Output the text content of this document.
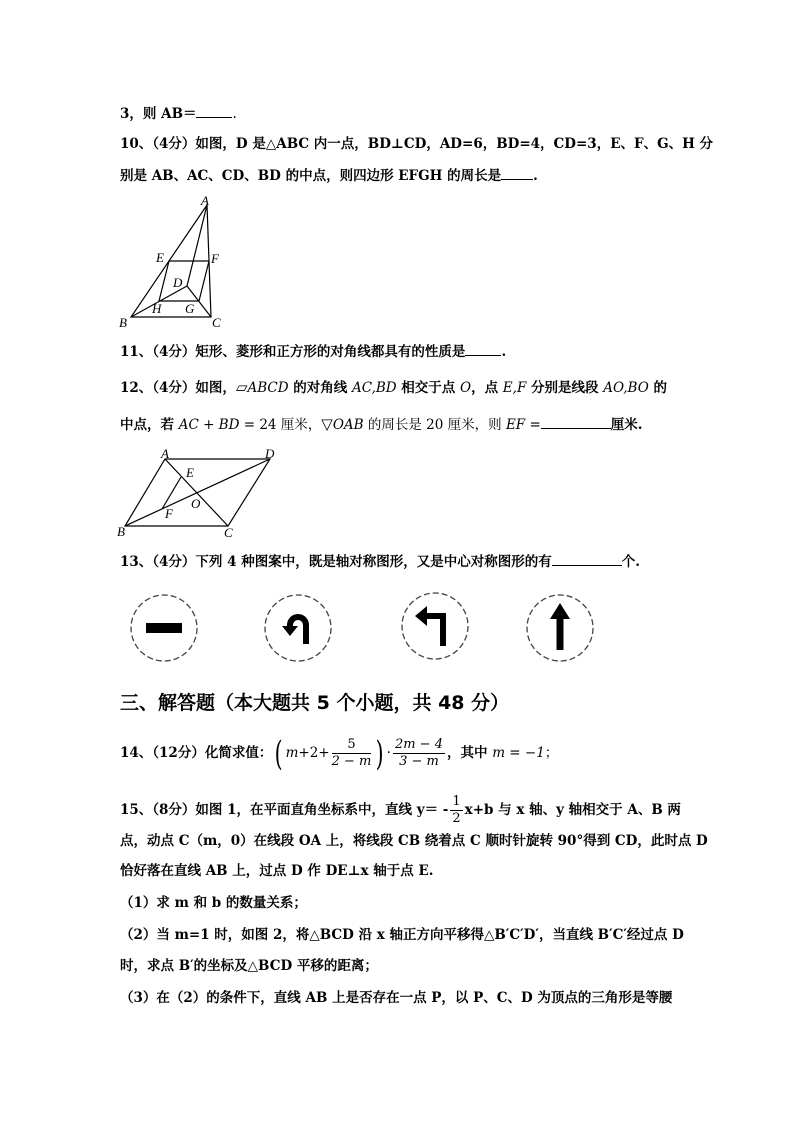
3，则 AB＝	.
10、（4分）如图，D 是△ABC 内一点，BD⊥CD，AD=6，BD=4，CD=3，E、F、G、H 分
别是 AB、AC、CD、BD 的中点，则四边形 EFGH 的周长是 .
A
B	C
D
E	F
G
H
11、（4分）矩形、菱形和正方形的对角线都具有的性质是	.
12、（4分）如图，▱ABCD 的对角线 AC,BD 相交于点 O，点 E,F 分别是线段 AO,BO 的
中点，若 AC + BD = 24 厘米，▽OAB 的周长是 20 厘米，则 EF =	厘米.
A
B	C
D
E
F
O
13、（4分）下列 4 种图案中，既是轴对称图形，又是中心对称图形的有	个.
三、解答题（本大题共 5 个小题，共 48 分）
14、（12分）化简求值：( $m+2+ \frac{5}{2 - m}$ ) · $\frac{2m - 4}{3 - m}$ ，其中 m = −1；
15、（8分）如图 1，在平面直角坐标系中，直线 $y= - \frac{1}{2} x+b$ 与 x 轴、y 轴相交于 A、B 两
点，动点 C（m，0）在线段 OA 上，将线段 CB 绕着点 C 顺时针旋转 90°得到 CD，此时点 D
恰好落在直线 AB 上，过点 D 作 DE⊥x 轴于点 E.
（1）求 m 和 b 的数量关系；
（2）当 m=1 时，如图 2，将△BCD 沿 x 轴正方向平移得△B′C′D′，当直线 B′C′经过点 D
时，求点 B′的坐标及△BCD 平移的距离；
（3）在（2）的条件下，直线 AB 上是否存在一点 P，以 P、C、D 为顶点的三角形是等腰
